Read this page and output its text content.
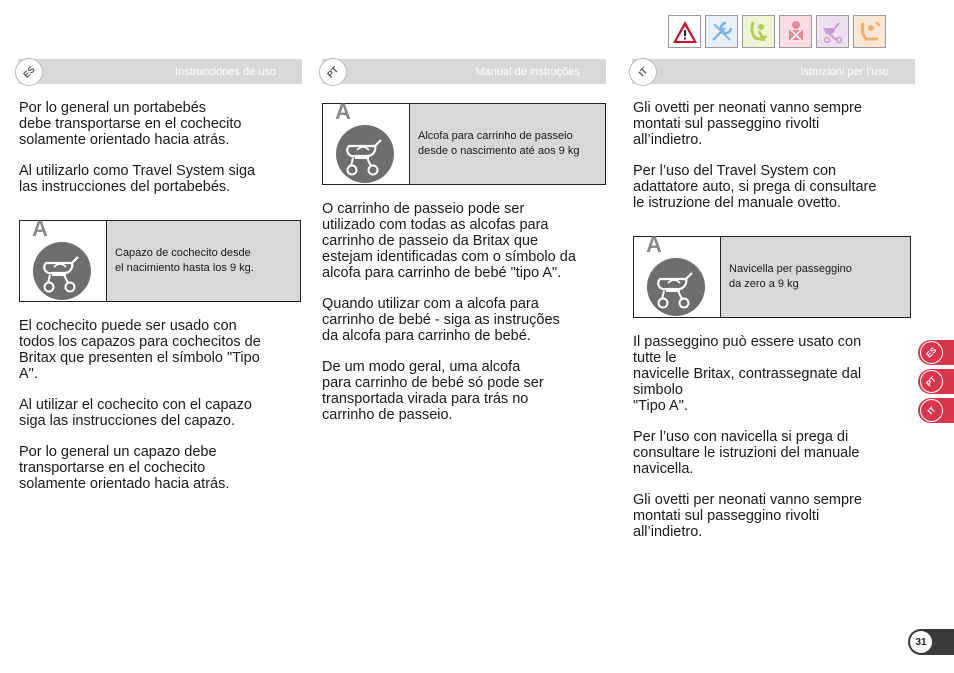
ES	Instrucciones de uso	PT	Manual de instruções	IT	Istruzioni per l’uso

Por lo general un portabebés
debe transportarse en el cochecito
solamente orientado hacia atrás.

Al utilizarlo como Travel System siga
las instrucciones del portabebés.

A
Capazo de cochecito desde
el nacimiento hasta los 9 kg.

El cochecito puede ser usado con
todos los capazos para cochecitos de
Britax que presenten el símbolo "Tipo
A".

Al utilizar el cochecito con el capazo
siga las instrucciones del capazo.

Por lo general un capazo debe
transportarse en el cochecito
solamente orientado hacia atrás.

A
Alcofa para carrinho de passeio
desde o nascimento até aos 9 kg

O carrinho de passeio pode ser
utilizado com todas as alcofas para
carrinho de passeio da Britax que
estejam identificadas com o símbolo da
alcofa para carrinho de bebé "tipo A".

Quando utilizar com a alcofa para
carrinho de bebé - siga as instruções
da alcofa para carrinho de bebé.

De um modo geral, uma alcofa
para carrinho de bebé só pode ser
transportada virada para trás no
carrinho de passeio.

Gli ovetti per neonati vanno sempre
montati sul passeggino rivolti
all’indietro.

Per l’uso del Travel System con
adattatore auto, si prega di consultare
le istruzione del manuale ovetto.

A
Navicella per passeggino
da zero a 9 kg

Il passeggino può essere usato con
tutte le
navicelle Britax, contrassegnate dal
simbolo
"Tipo A".

Per l’uso con navicella si prega di
consultare le istruzioni del manuale
navicella.

Gli ovetti per neonati vanno sempre
montati sul passeggino rivolti
all’indietro.

ES
PT
IT
31
